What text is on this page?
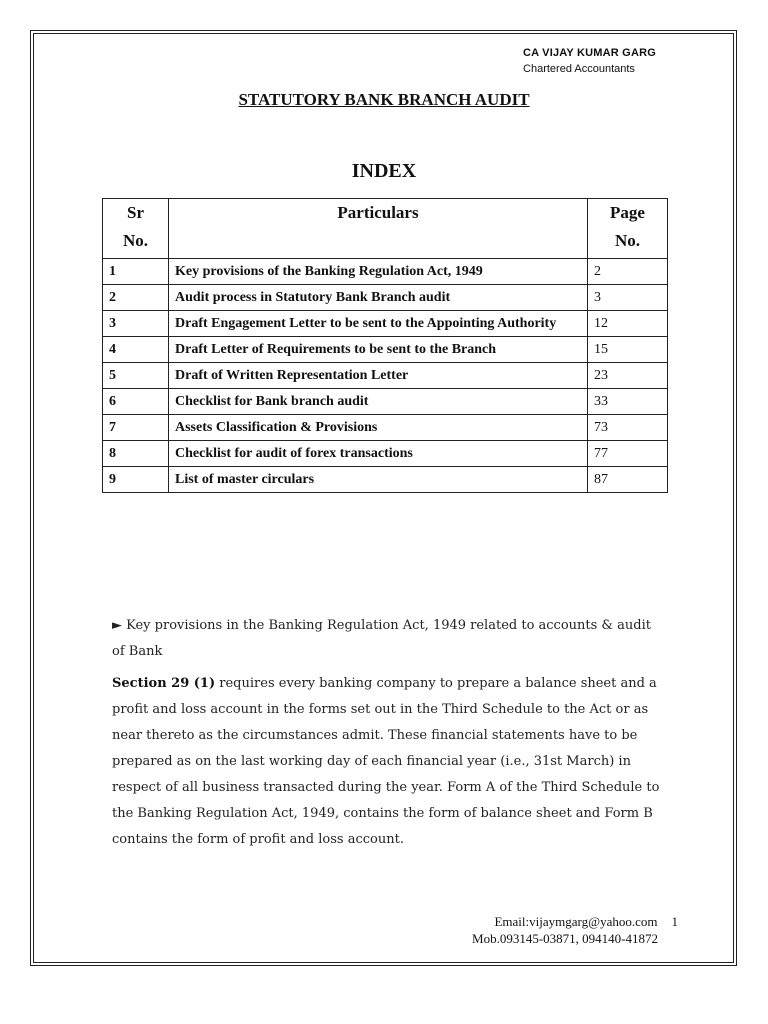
CA VIJAY KUMAR GARG
Chartered Accountants
STATUTORY BANK BRANCH AUDIT
INDEX
Sr
No.	Particulars	Page
No.
1	Key provisions of the Banking Regulation Act, 1949	2
2	Audit process in Statutory Bank Branch audit	3
3	Draft Engagement Letter to be sent to the Appointing Authority	12
4	Draft Letter of Requirements to be sent to the Branch	15
5	Draft of Written Representation Letter	23
6	Checklist for Bank branch audit	33
7	Assets Classification & Provisions	73
8	Checklist for audit of forex transactions	77
9	List of master circulars	87

► Key provisions in the Banking Regulation Act, 1949 related to accounts & audit of Bank

Section 29 (1) requires every banking company to prepare a balance sheet and a profit and loss account in the forms set out in the Third Schedule to the Act or as near thereto as the circumstances admit. These financial statements have to be prepared as on the last working day of each financial year (i.e., 31st March) in respect of all business transacted during the year. Form A of the Third Schedule to the Banking Regulation Act, 1949, contains the form of balance sheet and Form B contains the form of profit and loss account.

Email:vijaymgarg@yahoo.com 1
Mob.093145-03871, 094140-41872
